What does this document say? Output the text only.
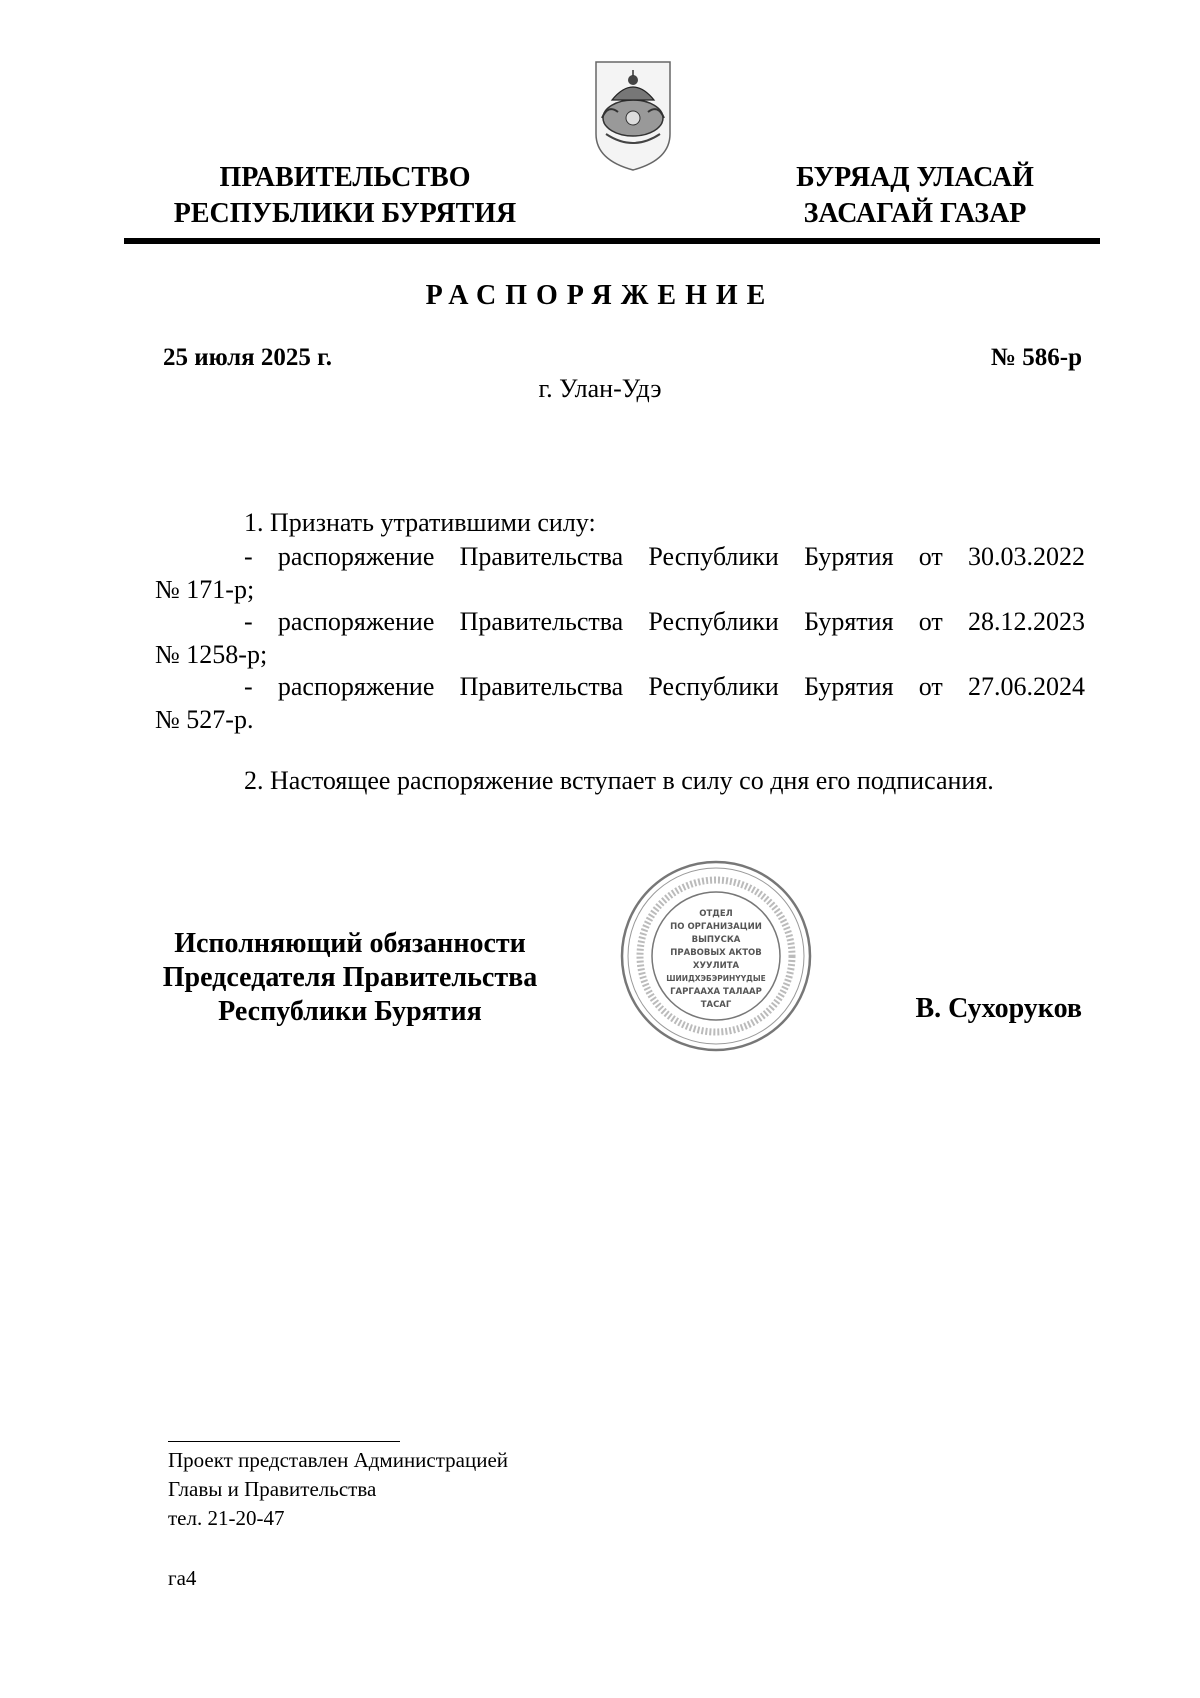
ПРАВИТЕЛЬСТВО
РЕСПУБЛИКИ БУРЯТИЯ
БУРЯАД УЛАСАЙ
ЗАСАГАЙ ГАЗАР
РАСПОРЯЖЕНИЕ
25 июля 2025 г.	№ 586-р
г. Улан-Удэ
1. Признать утратившими силу:
- распоряжение Правительства Республики Бурятия от 30.03.2022
№ 171-р;
- распоряжение Правительства Республики Бурятия от 28.12.2023
№ 1258-р;
- распоряжение Правительства Республики Бурятия от 27.06.2024
№ 527-р.
2. Настоящее распоряжение вступает в силу со дня его подписания.
Исполняющий обязанности
Председателя Правительства
Республики Бурятия
ОТДЕЛ
ПО ОРГАНИЗАЦИИ
ВЫПУСКА
ПРАВОВЫХ АКТОВ
ХУУЛИТА
ШИИДХЭБЭРИНҮҮДЫЕ
ГАРГААХА ТАЛААР
ТАСАГ	В. Сухоруков
Проект представлен Администрацией
Главы и Правительства
тел. 21-20-47
га4
